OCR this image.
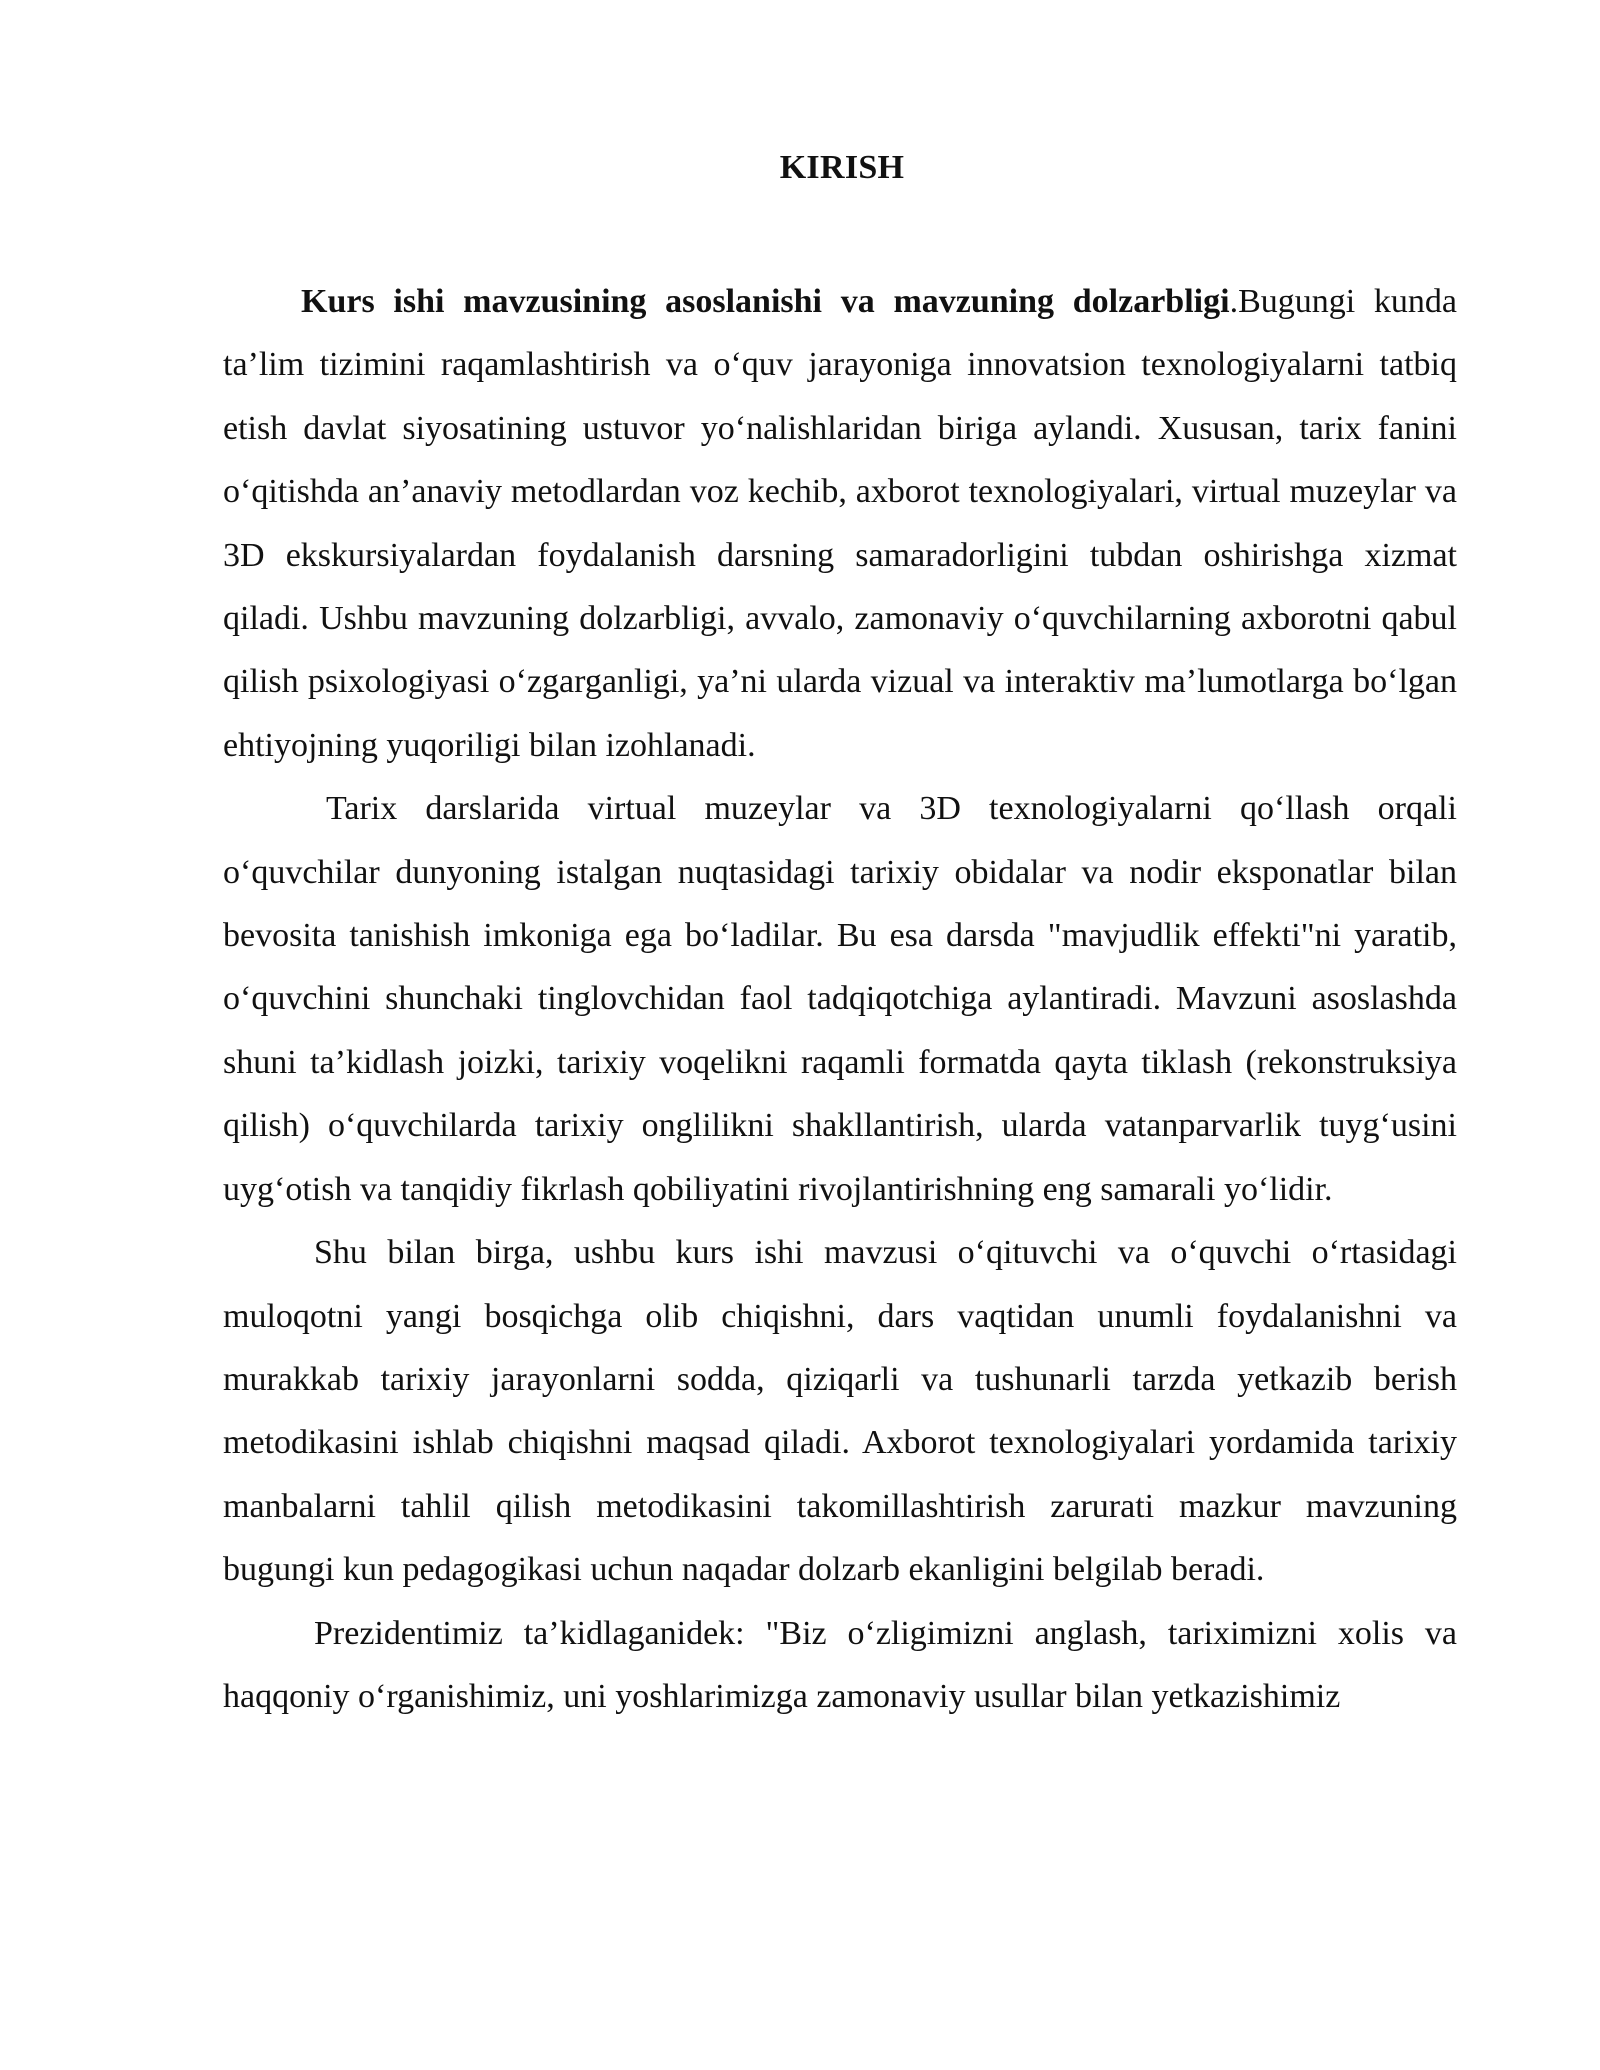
KIRISH

Kurs ishi mavzusining asoslanishi va mavzuning dolzarbligi.Bugungi kunda ta’lim tizimini raqamlashtirish va o‘quv jarayoniga innovatsion texnologiyalarni tatbiq etish davlat siyosatining ustuvor yo‘nalishlaridan biriga aylandi. Xususan, tarix fanini o‘qitishda an’anaviy metodlardan voz kechib, axborot texnologiyalari, virtual muzeylar va 3D ekskursiyalardan foydalanish darsning samaradorligini tubdan oshirishga xizmat qiladi. Ushbu mavzuning dolzarbligi, avvalo, zamonaviy o‘quvchilarning axborotni qabul qilish psixologiyasi o‘zgarganligi, ya’ni ularda vizual va interaktiv ma’lumotlarga bo‘lgan ehtiyojning yuqoriligi bilan izohlanadi.

Tarix darslarida virtual muzeylar va 3D texnologiyalarni qo‘llash orqali o‘quvchilar dunyoning istalgan nuqtasidagi tarixiy obidalar va nodir eksponatlar bilan bevosita tanishish imkoniga ega bo‘ladilar. Bu esa darsda "mavjudlik effekti"ni yaratib, o‘quvchini shunchaki tinglovchidan faol tadqiqotchiga aylantiradi. Mavzuni asoslashda shuni ta’kidlash joizki, tarixiy voqelikni raqamli formatda qayta tiklash (rekonstruksiya qilish) o‘quvchilarda tarixiy onglilikni shakllantirish, ularda vatanparvarlik tuyg‘usini uyg‘otish va tanqidiy fikrlash qobiliyatini rivojlantirishning eng samarali yo‘lidir.

Shu bilan birga, ushbu kurs ishi mavzusi o‘qituvchi va o‘quvchi o‘rtasidagi muloqotni yangi bosqichga olib chiqishni, dars vaqtidan unumli foydalanishni va murakkab tarixiy jarayonlarni sodda, qiziqarli va tushunarli tarzda yetkazib berish metodikasini ishlab chiqishni maqsad qiladi. Axborot texnologiyalari yordamida tarixiy manbalarni tahlil qilish metodikasini takomillashtirish zarurati mazkur mavzuning bugungi kun pedagogikasi uchun naqadar dolzarb ekanligini belgilab beradi.

Prezidentimiz ta’kidlaganidek: "Biz o‘zligimizni anglash, tariximizni xolis va haqqoniy o‘rganishimiz, uni yoshlarimizga zamonaviy usullar bilan yetkazishimiz
